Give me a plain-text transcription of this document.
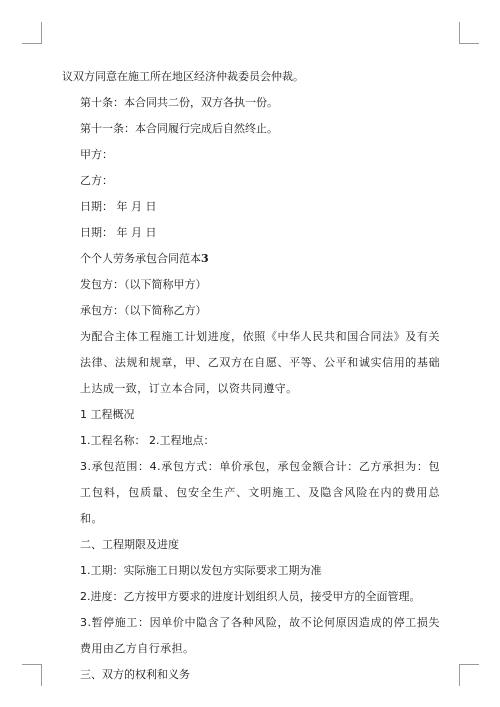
议双方同意在施工所在地区经济仲裁委员会仲裁。

第十条：本合同共二份，双方各执一份。

第十一条：本合同履行完成后自然终止。

甲方：

乙方：

日期： 年 月 日

日期： 年 月 日

个个人劳务承包合同范本3

发包方：（以下简称甲方）

承包方：（以下简称乙方）

为配合主体工程施工计划进度，依照《中华人民共和国合同法》及有关法律、法规和规章，甲、乙双方在自愿、平等、公平和诚实信用的基础上达成一致，订立本合同，以资共同遵守。

1 工程概况

1.工程名称： 2.工程地点：

3.承包范围：4.承包方式：单价承包，承包金额合计：乙方承担为：包工包料，包质量、包安全生产、文明施工、及隐含风险在内的费用总和。

二、工程期限及进度

1.工期：实际施工日期以发包方实际要求工期为准

2.进度：乙方按甲方要求的进度计划组织人员，接受甲方的全面管理。

3.暂停施工：因单价中隐含了各种风险，故不论何原因造成的停工损失费用由乙方自行承担。

三、双方的权利和义务
